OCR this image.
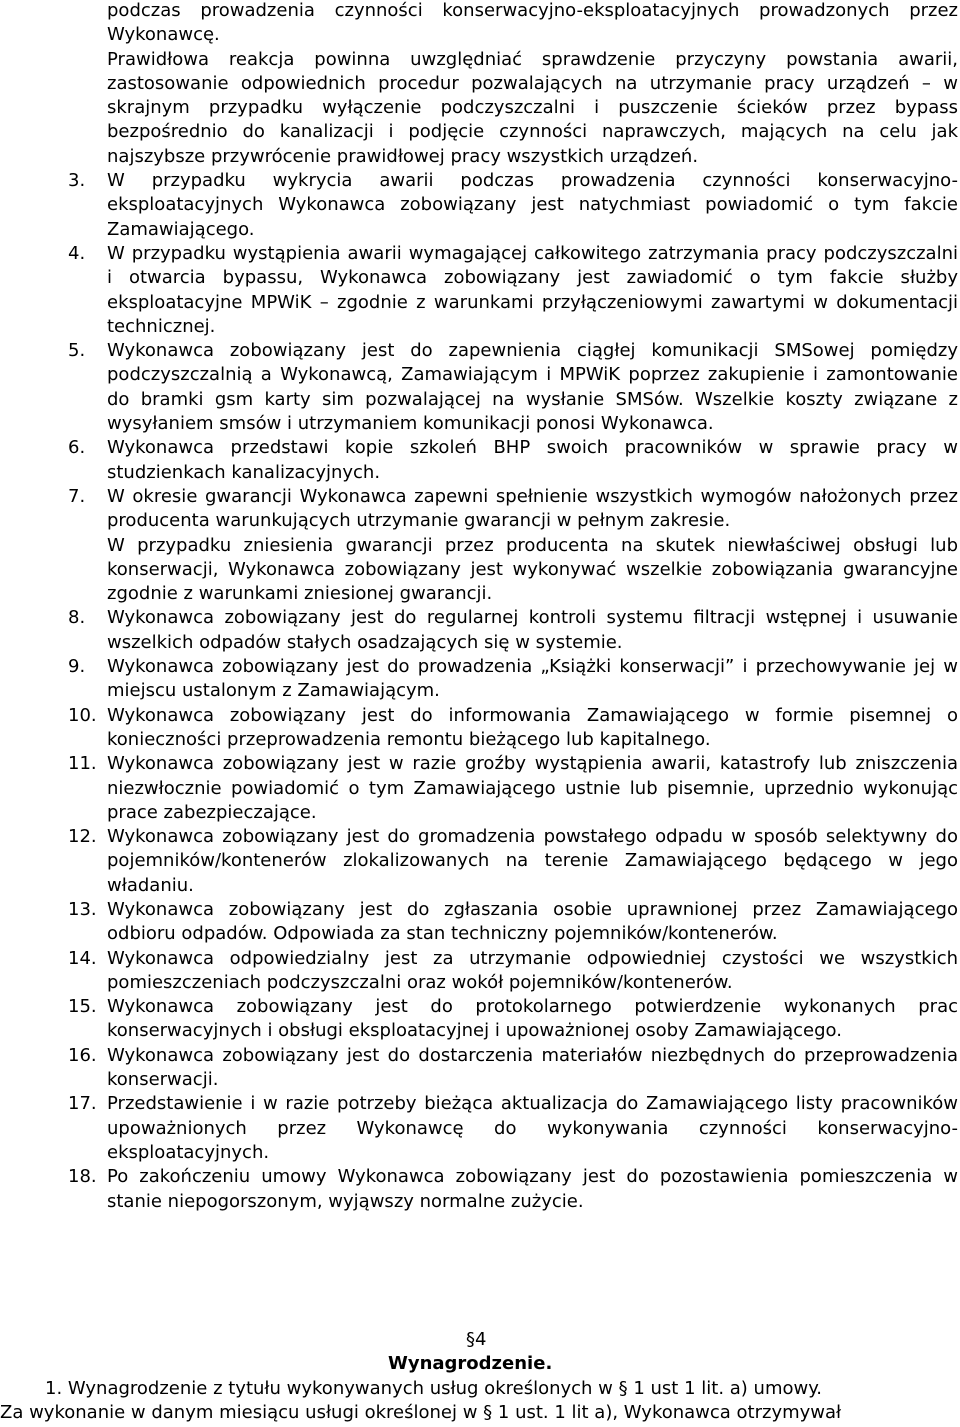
podczas prowadzenia czynności konserwacyjno-eksploatacyjnych prowadzonych przez Wykonawcę.

Prawidłowa reakcja powinna uwzględniać sprawdzenie przyczyny powstania awarii, zastosowanie odpowiednich procedur pozwalających na utrzymanie pracy urządzeń – w skrajnym przypadku wyłączenie podczyszczalni i puszczenie ścieków przez bypass bezpośrednio do kanalizacji i podjęcie czynności naprawczych, mających na celu jak najszybsze przywrócenie prawidłowej pracy wszystkich urządzeń.

3.	W przypadku wykrycia awarii podczas prowadzenia czynności konserwacyjno-eksploatacyjnych Wykonawca zobowiązany jest natychmiast powiadomić o tym fakcie Zamawiającego.
4.	W przypadku wystąpienia awarii wymagającej całkowitego zatrzymania pracy podczyszczalni i otwarcia bypassu, Wykonawca zobowiązany jest zawiadomić o tym fakcie służby eksploatacyjne MPWiK – zgodnie z warunkami przyłączeniowymi zawartymi w dokumentacji technicznej.
5.	Wykonawca zobowiązany jest do zapewnienia ciągłej komunikacji SMSowej pomiędzy podczyszczalnią a Wykonawcą, Zamawiającym i MPWiK poprzez zakupienie i zamontowanie do bramki gsm karty sim pozwalającej na wysłanie SMSów. Wszelkie koszty związane z wysyłaniem smsów i utrzymaniem komunikacji ponosi Wykonawca.
6.	Wykonawca przedstawi kopie szkoleń BHP swoich pracowników w sprawie pracy w studzienkach kanalizacyjnych.
7.	W okresie gwarancji Wykonawca zapewni spełnienie wszystkich wymogów nałożonych przez producenta warunkujących utrzymanie gwarancji w pełnym zakresie.

W przypadku zniesienia gwarancji przez producenta na skutek niewłaściwej obsługi lub konserwacji, Wykonawca zobowiązany jest wykonywać wszelkie zobowiązania gwarancyjne zgodnie z warunkami zniesionej gwarancji.

8.	Wykonawca zobowiązany jest do regularnej kontroli systemu filtracji wstępnej i usuwanie wszelkich odpadów stałych osadzających się w systemie.
9.	Wykonawca zobowiązany jest do prowadzenia „Książki konserwacji” i przechowywanie jej w miejscu ustalonym z Zamawiającym.
10. Wykonawca zobowiązany jest do informowania Zamawiającego w formie pisemnej o konieczności przeprowadzenia remontu bieżącego lub kapitalnego.
11. Wykonawca zobowiązany jest w razie groźby wystąpienia awarii, katastrofy lub zniszczenia niezwłocznie powiadomić o tym Zamawiającego ustnie lub pisemnie, uprzednio wykonując prace zabezpieczające.
12. Wykonawca zobowiązany jest do gromadzenia powstałego odpadu w sposób selektywny do pojemników/kontenerów zlokalizowanych na terenie Zamawiającego będącego w jego władaniu.
13. Wykonawca zobowiązany jest do zgłaszania osobie uprawnionej przez Zamawiającego odbioru odpadów. Odpowiada za stan techniczny pojemników/kontenerów.
14. Wykonawca odpowiedzialny jest za utrzymanie odpowiedniej czystości we wszystkich pomieszczeniach podczyszczalni oraz wokół pojemników/kontenerów.
15. Wykonawca zobowiązany jest do protokolarnego potwierdzenie wykonanych prac konserwacyjnych i obsługi eksploatacyjnej i upoważnionej osoby Zamawiającego.
16. Wykonawca zobowiązany jest do dostarczenia materiałów niezbędnych do przeprowadzenia konserwacji.
17. Przedstawienie i w razie potrzeby bieżąca aktualizacja do Zamawiającego listy pracowników upoważnionych przez Wykonawcę do wykonywania czynności konserwacyjno-eksploatacyjnych.
18. Po zakończeniu umowy Wykonawca zobowiązany jest do pozostawienia pomieszczenia w stanie niepogorszonym, wyjąwszy normalne zużycie.

§4

Wynagrodzenie.

1. Wynagrodzenie z tytułu wykonywanych usług określonych w § 1 ust 1 lit. a) umowy.

Za wykonanie w danym miesiącu usługi określonej w § 1 ust. 1 lit a), Wykonawca otrzymywał
